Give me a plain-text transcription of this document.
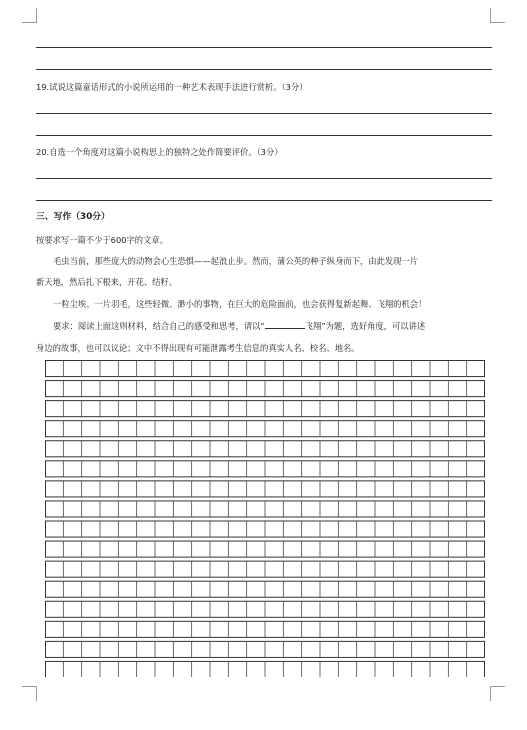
19.试说这篇童话形式的小说所运用的一种艺术表现手法进行赏析。（3分）
20.自选一个角度对这篇小说构思上的独特之处作简要评价。（3分）
三、写作（30分）
按要求写一篇不少于600字的文章。
毛虫当前，那些庞大的动物会心生恐惧——起浪止步。然而，蒲公英的种子纵身而下，由此发现一片
新天地，然后扎下根来，开花、结籽。
一粒尘埃、一片羽毛，这些轻微、渺小的事物，在巨大的危险面前，也会获得复新起舞、飞翔的机会！
要求：阅读上面这则材料，结合自己的感受和思考，请以“	飞翔”为题，选好角度，可以讲述
身边的故事，也可以议论；文中不得出现有可能泄露考生信息的真实人名、校名、地名。
